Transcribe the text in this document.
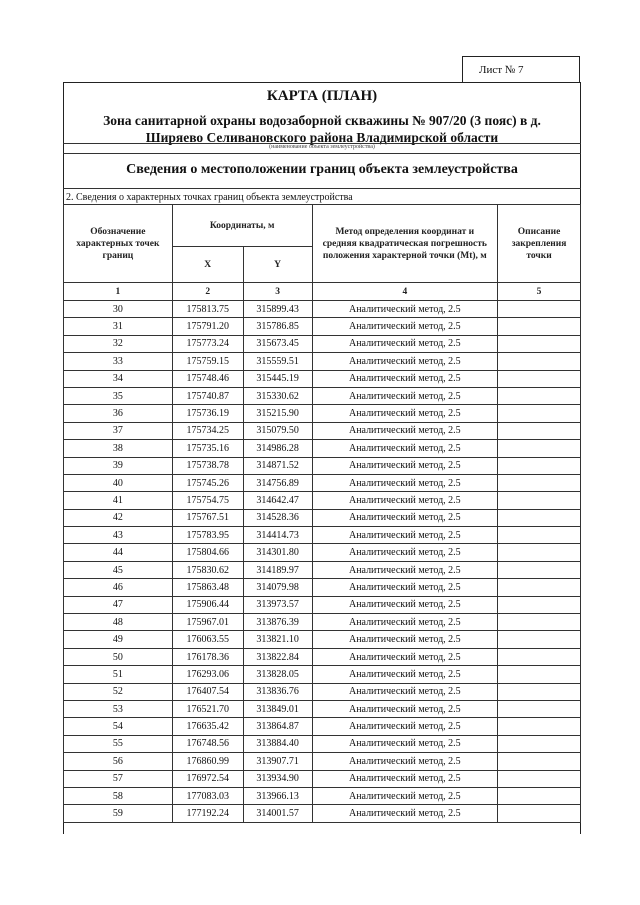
Лист № 7
КАРТА (ПЛАН)
Зона санитарной охраны водозаборной скважины № 907/20 (3 пояс) в д.
Ширяево Селивановского района Владимирской области
(наименование объекта землеустройства)
Сведения о местоположении границ объекта землеустройства
2. Сведения о характерных точках границ объекта землеустройства
Обозначение характерных точек границ	Координаты, м		Метод определения координат и средняя квадратическая погрешность положения характерной точки (Mt), м	Описание закрепления точки
	X	Y		
1	2	3	4	5
30	175813.75	315899.43	Аналитический метод, 2.5	
31	175791.20	315786.85	Аналитический метод, 2.5	
32	175773.24	315673.45	Аналитический метод, 2.5	
33	175759.15	315559.51	Аналитический метод, 2.5	
34	175748.46	315445.19	Аналитический метод, 2.5	
35	175740.87	315330.62	Аналитический метод, 2.5	
36	175736.19	315215.90	Аналитический метод, 2.5	
37	175734.25	315079.50	Аналитический метод, 2.5	
38	175735.16	314986.28	Аналитический метод, 2.5	
39	175738.78	314871.52	Аналитический метод, 2.5	
40	175745.26	314756.89	Аналитический метод, 2.5	
41	175754.75	314642.47	Аналитический метод, 2.5	
42	175767.51	314528.36	Аналитический метод, 2.5	
43	175783.95	314414.73	Аналитический метод, 2.5	
44	175804.66	314301.80	Аналитический метод, 2.5	
45	175830.62	314189.97	Аналитический метод, 2.5	
46	175863.48	314079.98	Аналитический метод, 2.5	
47	175906.44	313973.57	Аналитический метод, 2.5	
48	175967.01	313876.39	Аналитический метод, 2.5	
49	176063.55	313821.10	Аналитический метод, 2.5	
50	176178.36	313822.84	Аналитический метод, 2.5	
51	176293.06	313828.05	Аналитический метод, 2.5	
52	176407.54	313836.76	Аналитический метод, 2.5	
53	176521.70	313849.01	Аналитический метод, 2.5	
54	176635.42	313864.87	Аналитический метод, 2.5	
55	176748.56	313884.40	Аналитический метод, 2.5	
56	176860.99	313907.71	Аналитический метод, 2.5	
57	176972.54	313934.90	Аналитический метод, 2.5	
58	177083.03	313966.13	Аналитический метод, 2.5	
59	177192.24	314001.57	Аналитический метод, 2.5	
